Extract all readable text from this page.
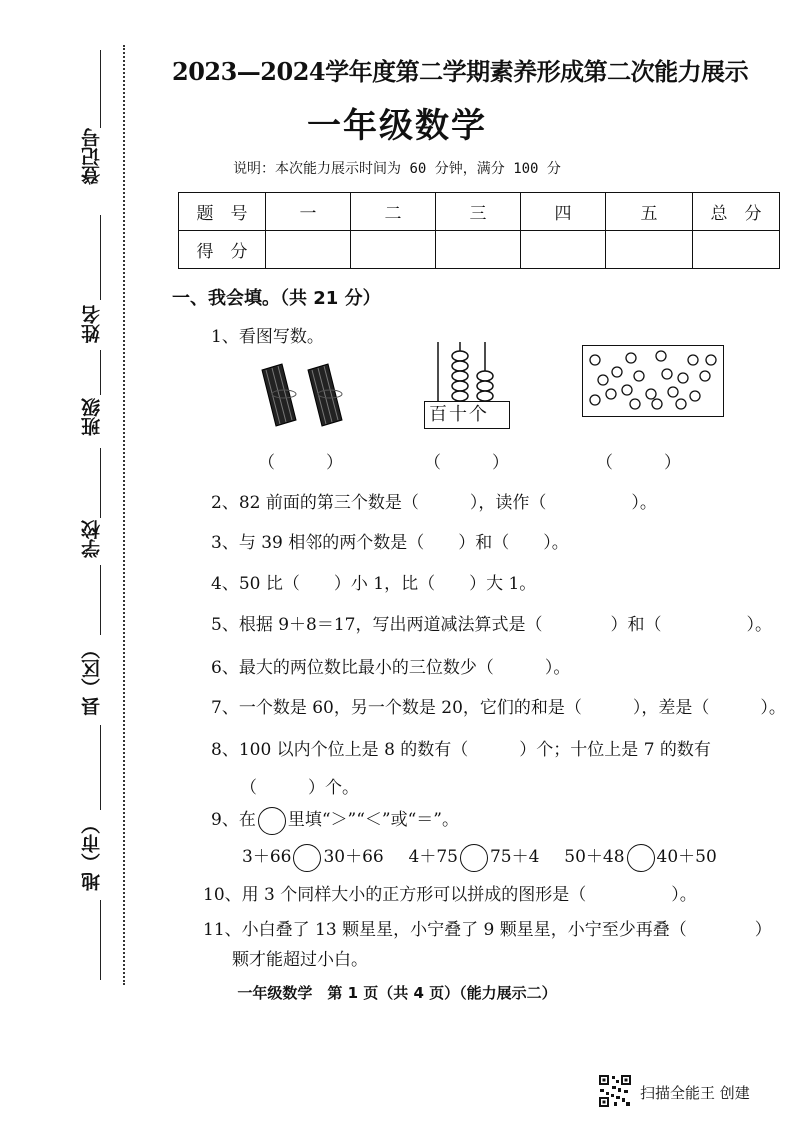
登记号
姓名
班级
学校
县（区）
地（市）
2023—2024学年度第二学期素养形成第二次能力展示
一年级数学
说明：本次能力展示时间为 60 分钟，满分 100 分
题　号	一	二	三	四	五	总　分
得　分						
一、我会填。（共 21 分）
1、看图写数。
百十个
（　　　）	（　　　）	（　　　）
2、82 前面的第三个数是（　　　），读作（　　　　　）。
3、与 39 相邻的两个数是（　　）和（　　）。
4、50 比（　　）小 1，比（　　）大 1。
5、根据 9＋8＝17，写出两道减法算式是（　　　　）和（　　　　　）。
6、最大的两位数比最小的三位数少（　　　）。
7、一个数是 60，另一个数是 20，它们的和是（　　　），差是（　　　）。
8、100 以内个位上是 8 的数有（　　　）个；十位上是 7 的数有
（　　　）个。
9、在 里填“＞”“＜”或“＝”。
3＋66 30＋66 4＋75 75＋4 50＋48 40＋50
10、用 3 个同样大小的正方形可以拼成的图形是（　　　　　）。
11、小白叠了 13 颗星星，小宁叠了 9 颗星星，小宁至少再叠（　　　　）
颗才能超过小白。
一年级数学　第 1 页（共 4 页）（能力展示二）
扫描全能王 创建
